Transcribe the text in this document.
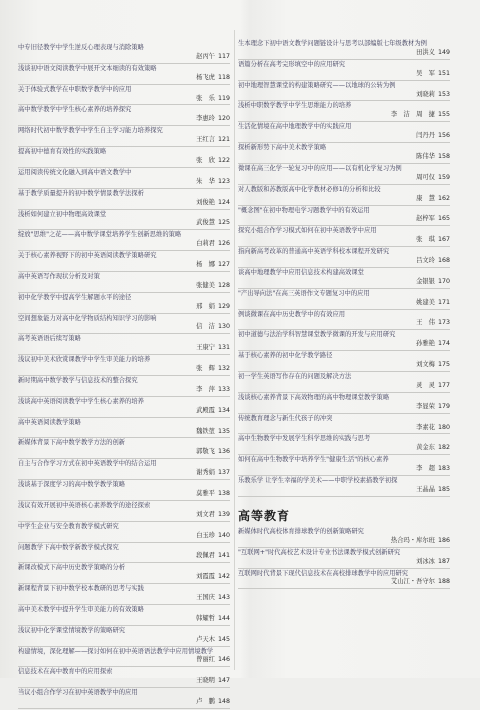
中专旧径教学中学生逆反心理表现与消除策略
赵丙午 117
浅谈初中语文阅读教学中展开文本细读的有效策略
杨飞虎 118
关于体验式教学在中职数学教学中的应用
张　乐 119
高中数学教学中学生核心素养的培养探究
李惠玲 120
网络时代初中数学教学中学生自主学习能力培养探究
王红言 121
提高初中德育有效性的实践策略
张　欣 122
运用阅读传统文化融入到高中语文教学中
朱　华 123
基于教学质量提升的初中数学情景教学法探析
刘俊艳 124
浅析如何建立初中物理高效课堂
武俊慧 125
绽放"思维"之花——高中数学课堂培养学生创新思维的策略
白莉君 126
关于核心素养视野下的初中英语阅读教学策略研究
杨　娜 127
高中英语写作现状分析及对策
张健美 128
初中化学教学中提高学生解题水平的途径
邢　娟 129
空间想象能力对高中化学物质结构知识学习的影响
信　洁 130
高考英语语后续写策略
王康宁 131
浅议初中美术欣赏课教学中学生审美能力的培养
张　辉 132
新时期高中数学教学与信息技术的整合探究
李　萍 133
浅谈高中英语阅读教学中学生核心素养的培养
武殿霞 134
高中英语阅读教学策略
魏铁堃 135
新媒体背景下高中数学教学方法的创新
郭敬飞 136
自主与合作学习方式在初中英语教学中的结合运用
谢秀娟 137
浅谈基于深度学习的高中数学教学策略
莫雅平 138
浅议有效开展初中英语核心素养教学的途径探索
刘文君 139
中学生企业与安全教育教学模式研究
白玉珍 140
问题教学下高中数学新教学模式探究
段佩君 141
新课改模式下高中历史教学策略的分析
刘霞霞 142
新课程背景下初中数学校本教研的思考与实践
王国庆 143
高中美术教学中提升学生审美能力的有效策略
韩耀哲 144
浅议初中化学课堂情境教学的策略研究
卢天木 145
构建情境，深化理解——探讨如何在初中英语语法教学中应用情境教学
曾丽红 146
信息技术在高中教育中的应用探索
王晓明 147
当议小组合作学习在初中英语教学中的应用
卢　鹏 148
生本理念下初中语文教学问题链设计与思考以部编版七年级教材为例
田洪义 149
语篇分析在高考完形填空中的应用研究
吴　军 151
初中地理智慧课堂的构建策略研究——以地球的公转为例
刘晓莉 153
浅析中职数学教学中学生思维能力的培养
李　洁　周　捷 155
生活化情境在高中地理教学中的实践应用
闫丹丹 156
探析新形势下高中美术教学策略
陈伟华 158
微课在高三化学一轮复习中的应用——以有机化学复习为例
周可仅 159
对人教版和苏教版高中化学教材必修1的分析和比较
康　慧 162
"概念图"在初中物理电学习题教学中的有效运用
赵梓军 165
探究小组合作学习模式如何在初中英语教学中应用
张　琪 167
指向新高考改革的普通高中英语学科校本课程开发研究
吕文玲 168
谈高中地理教学中应用信息技术构建高效课堂
金银银 170
"产出导向法"在高三英语作文专题复习中的应用
姚建美 171
例谈微课在高中历史教学中的有效应用
王　伟 173
初中道德与法治学科智慧课堂教学微课的开发与应用研究
孙雅艳 174
基于核心素养的初中化学教学路径
刘文梅 175
初一学生英语写作存在的问题及解决方法
灵　灵 177
浅谈核心素养背景下高效物理的高中物理课堂教学策略
李显荣 179
传统教育理念与新生代孩子的冲突
李素花 180
高中生物教学中发展学生科学思维的实践与思考
黄金东 182
如何在高中生物教学中培养学生"健康生活"的核心素养
李　超 183
乐教乐学 让学生幸福的学美术——中职学校素描教学初探
王晶晶 185
高等教育
新媒体时代高校体育排球教学的创新策略研究
热合玛・库尔班 186
"互联网+"时代高校艺术设计专业书法课教学模式创新研究
刘冰冰 187
互联网时代背景下现代信息技术在高校排球教学中的应用研究
艾山江・吾守尔 188
